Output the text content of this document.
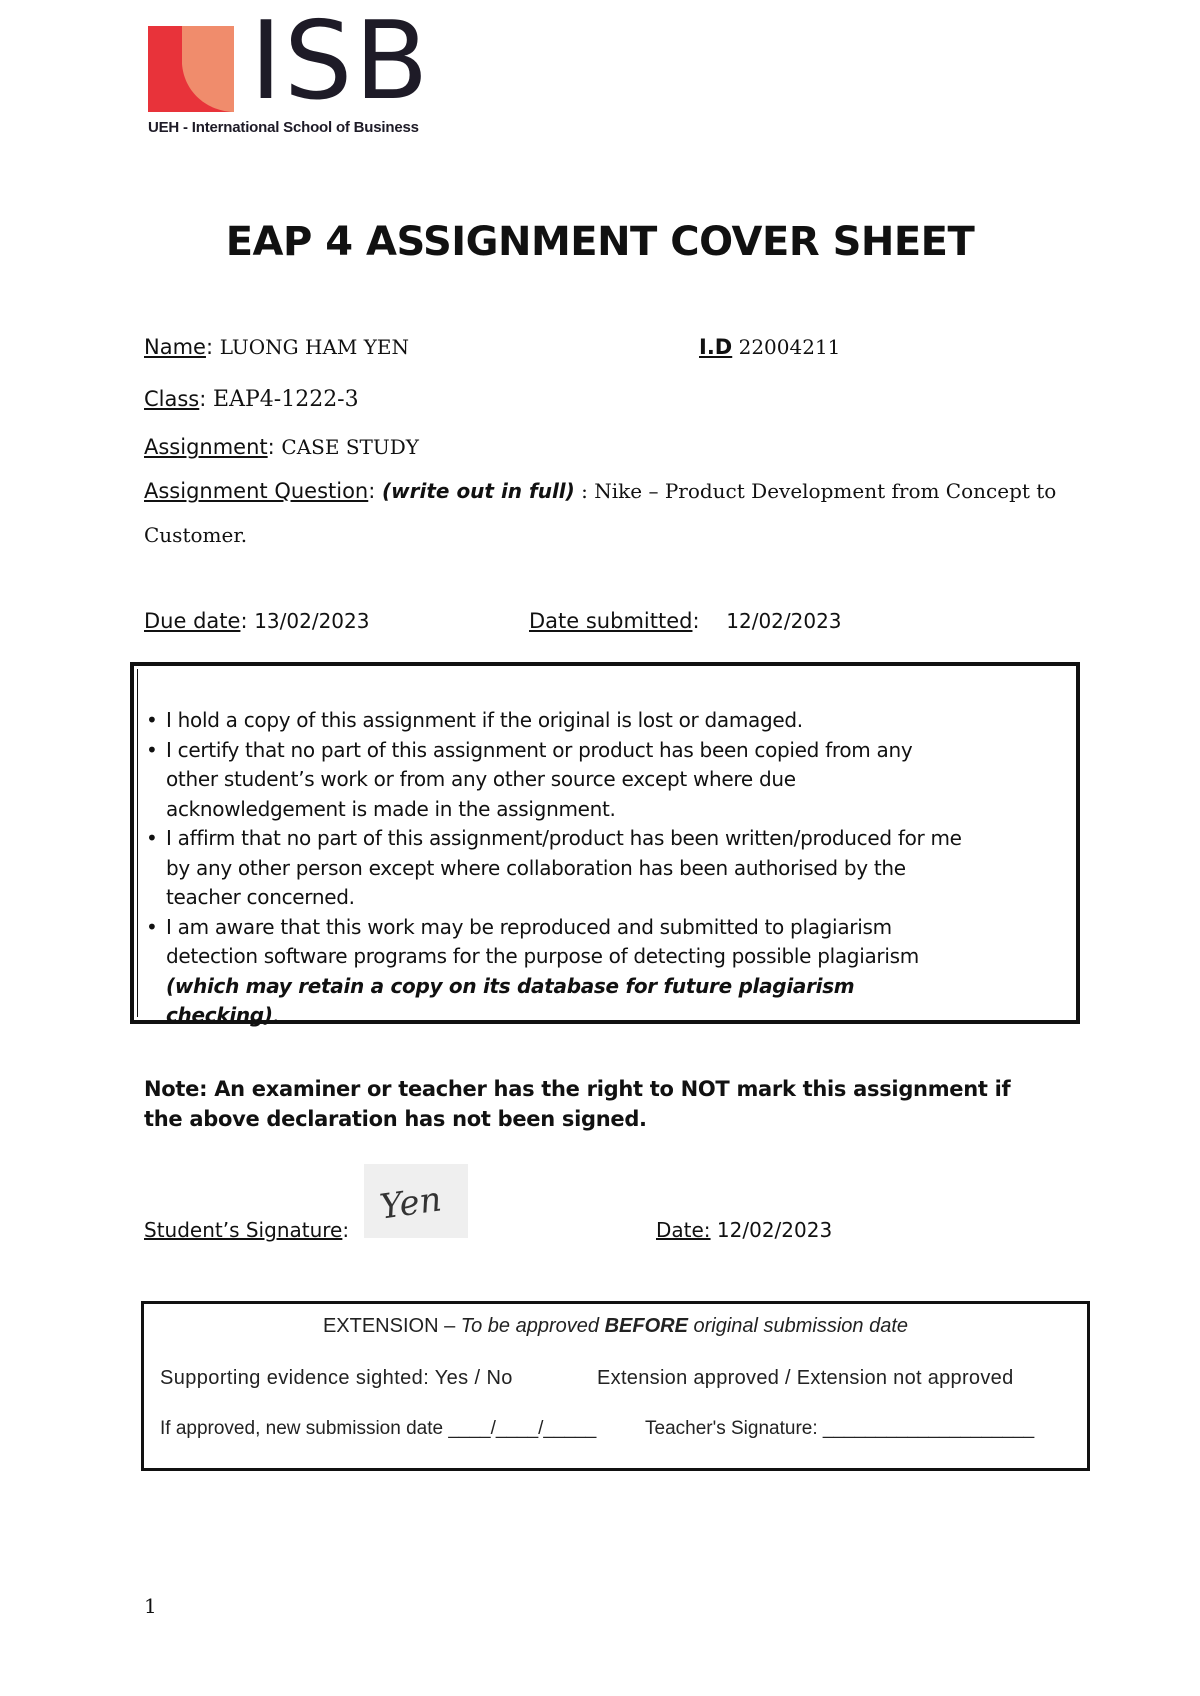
ISB
UEH - International School of Business
EAP 4 ASSIGNMENT COVER SHEET
Name: LUONG HAM YEN	I.D 22004211
Class: EAP4-1222-3
Assignment: CASE STUDY
Assignment Question: (write out in full) : Nike – Product Development from Concept to
Customer.
Due date: 13/02/2023	Date submitted:    12/02/2023
• I hold a copy of this assignment if the original is lost or damaged.
• I certify that no part of this assignment or product has been copied from any other student’s work or from any other source except where due acknowledgement is made in the assignment.
• I affirm that no part of this assignment/product has been written/produced for me by any other person except where collaboration has been authorised by the teacher concerned.
• I am aware that this work may be reproduced and submitted to plagiarism detection software programs for the purpose of detecting possible plagiarism (which may retain a copy on its database for future plagiarism checking).
Note: An examiner or teacher has the right to NOT mark this assignment if the above declaration has not been signed.
Student’s Signature:
Yen
Date: 12/02/2023
EXTENSION – To be approved BEFORE original submission date
Supporting evidence sighted: Yes / No	Extension approved / Extension not approved
If approved, new submission date ____/____/_____	Teacher's Signature: ____________________
1
